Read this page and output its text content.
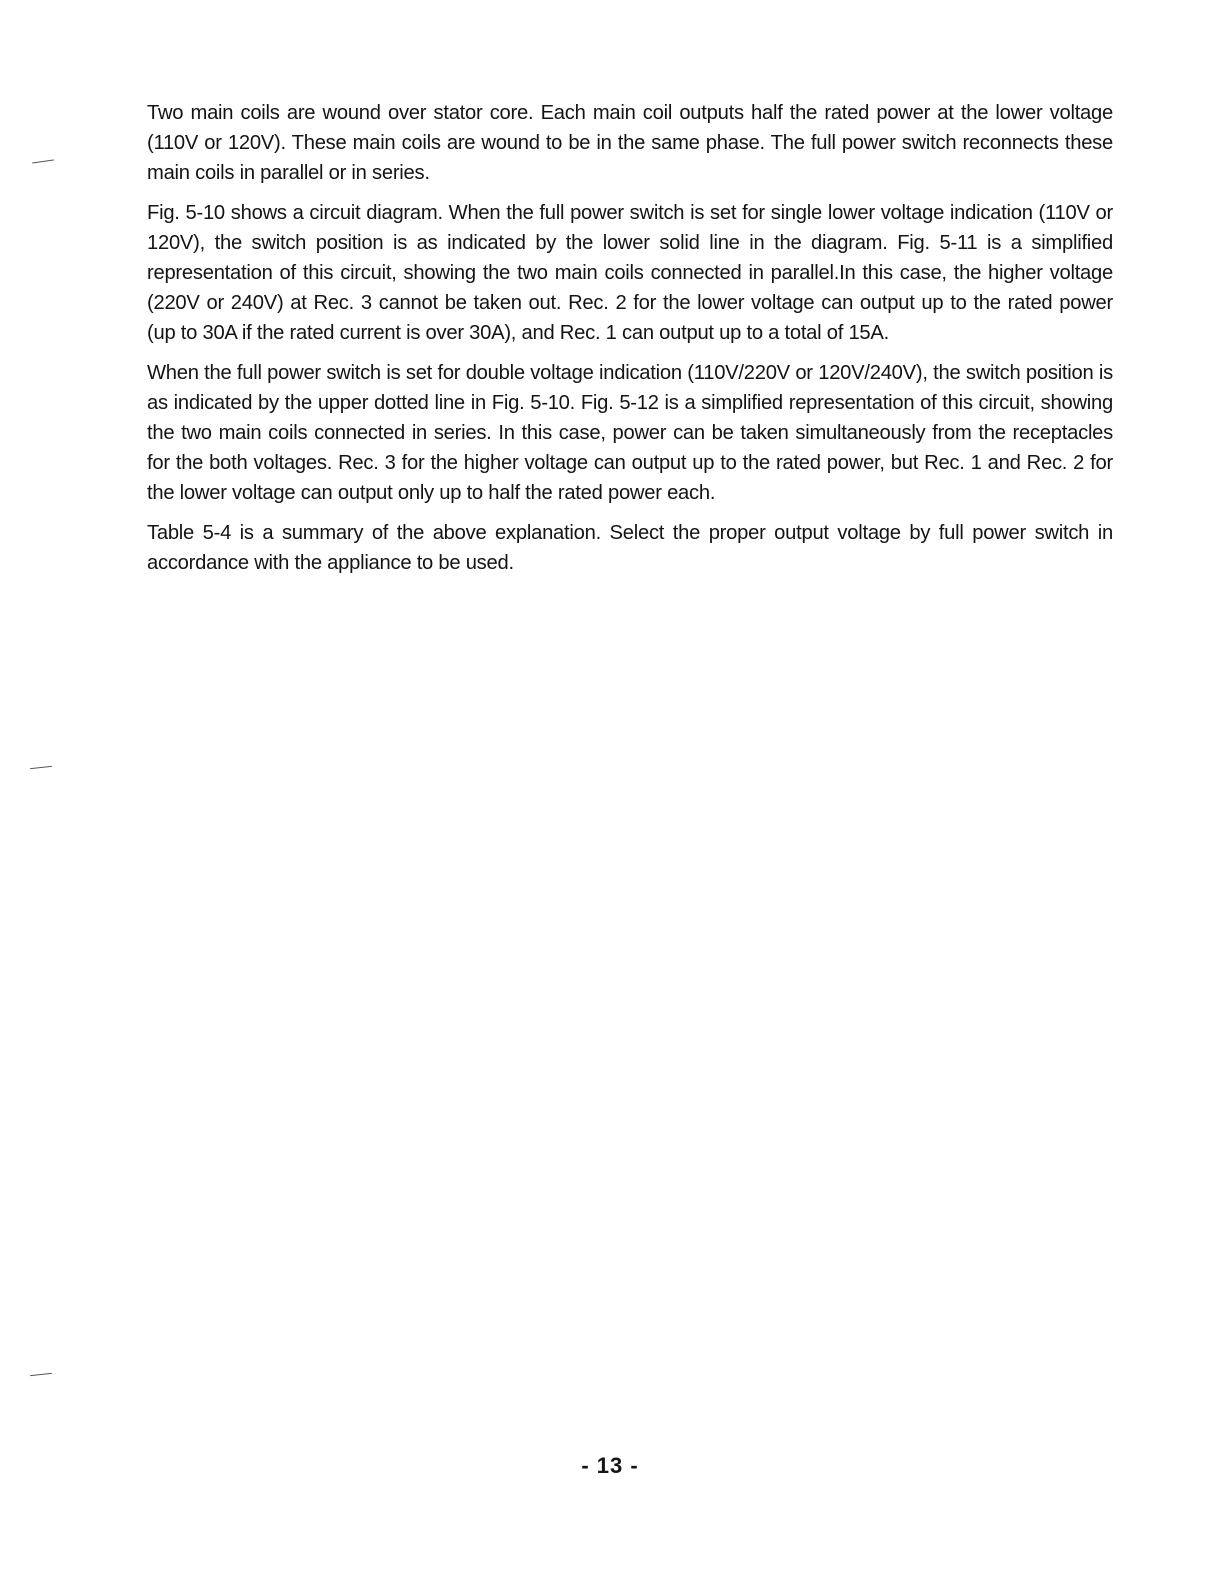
Two main coils are wound over stator core. Each main coil outputs half the rated power at the lower voltage (110V or 120V). These main coils are wound to be in the same phase. The full power switch reconnects these main coils in parallel or in series.

Fig. 5-10 shows a circuit diagram. When the full power switch is set for single lower voltage indication (110V or 120V), the switch position is as indicated by the lower solid line in the diagram. Fig. 5-11 is a simplified representation of this circuit, showing the two main coils connected in parallel.In this case, the higher voltage (220V or 240V) at Rec. 3 cannot be taken out. Rec. 2 for the lower voltage can output up to the rated power (up to 30A if the rated current is over 30A), and Rec. 1 can output up to a total of 15A.

When the full power switch is set for double voltage indication (110V/220V or 120V/240V), the switch position is as indicated by the upper dotted line in Fig. 5-10. Fig. 5-12 is a simplified representation of this circuit, showing the two main coils connected in series. In this case, power can be taken simultaneously from the receptacles for the both voltages. Rec. 3 for the higher voltage can output up to the rated power, but Rec. 1 and Rec. 2 for the lower voltage can output only up to half the rated power each.

Table 5-4 is a summary of the above explanation. Select the proper output voltage by full power switch in accordance with the appliance to be used.

- 13 -
